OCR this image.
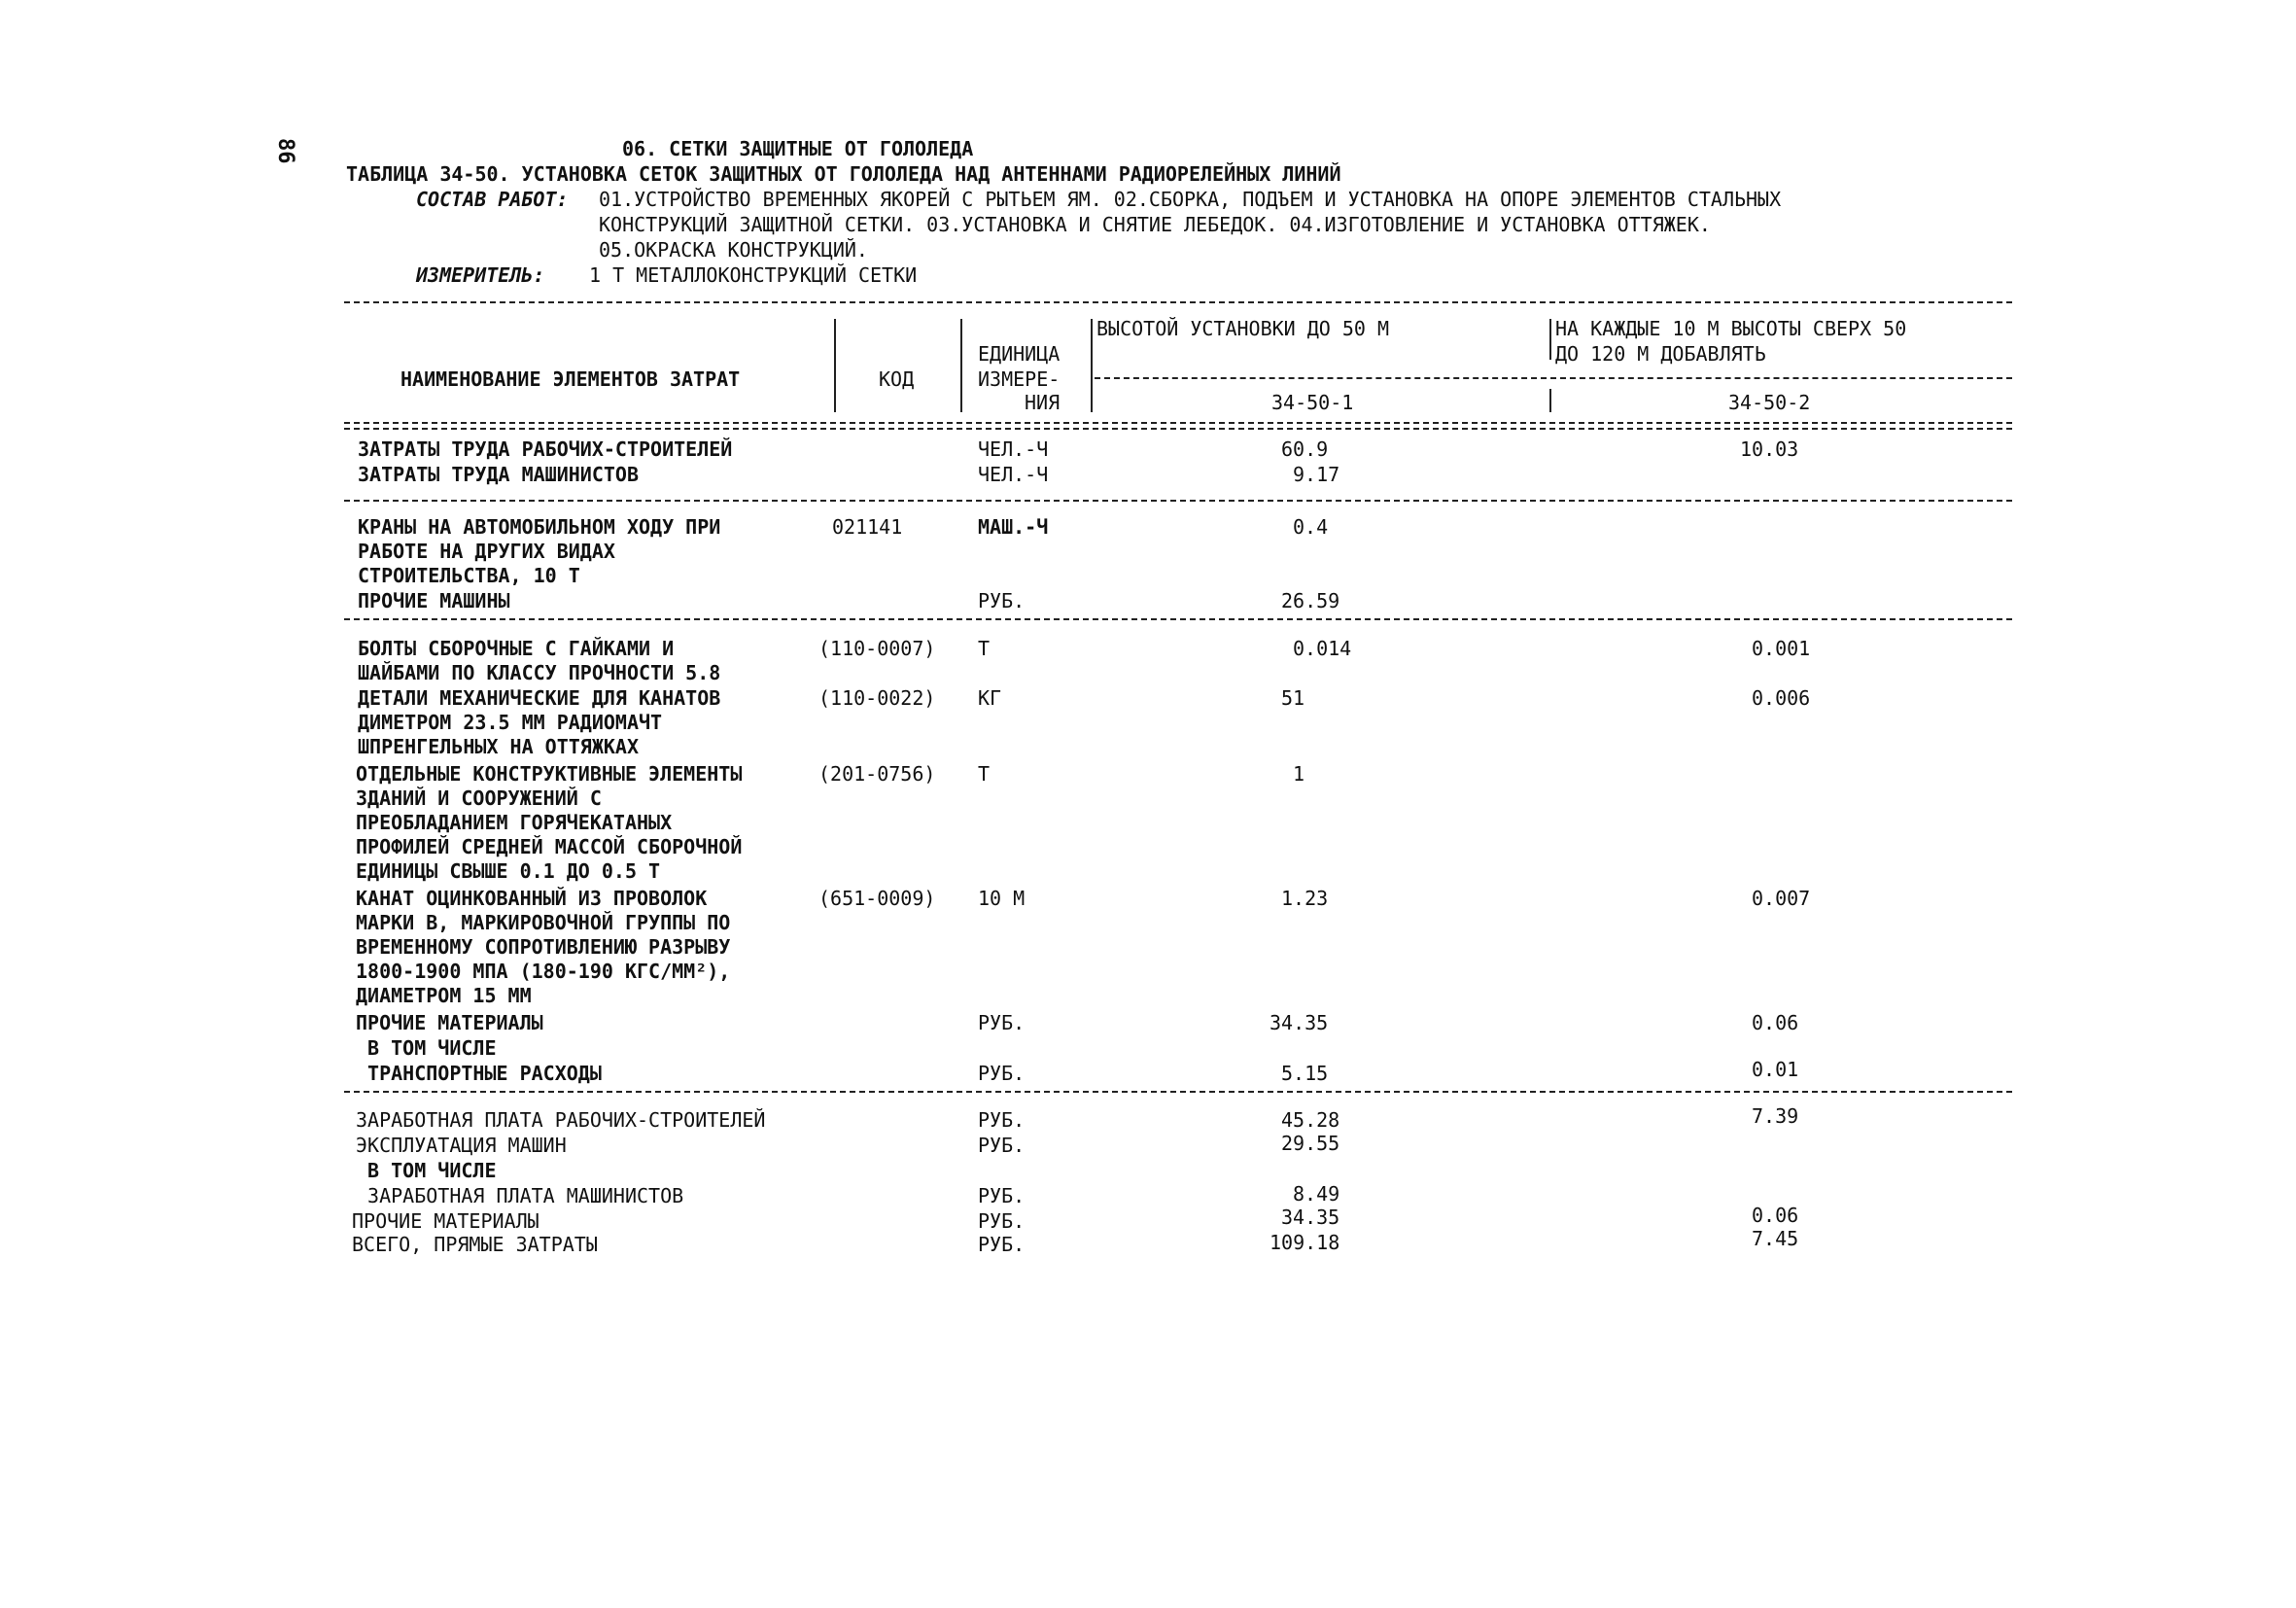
86	06. СЕТКИ ЗАЩИТНЫЕ ОТ ГОЛОЛЕДА
ТАБЛИЦА 34-50. УСТАНОВКА СЕТОК ЗАЩИТНЫХ ОТ ГОЛОЛЕДА НАД АНТЕННАМИ РАДИОРЕЛЕЙНЫХ ЛИНИЙ
СОСТАВ РАБОТ: 01.УСТРОЙСТВО ВРЕМЕННЫХ ЯКОРЕЙ С РЫТЬЕМ ЯМ. 02.СБОРКА, ПОДЪЕМ И УСТАНОВКА НА ОПОРЕ ЭЛЕМЕНТОВ СТАЛЬНЫХ
КОНСТРУКЦИЙ ЗАЩИТНОЙ СЕТКИ. 03.УСТАНОВКА И СНЯТИЕ ЛЕБЕДОК. 04.ИЗГОТОВЛЕНИЕ И УСТАНОВКА ОТТЯЖЕК.
05.ОКРАСКА КОНСТРУКЦИЙ.
ИЗМЕРИТЕЛЬ: 1 Т МЕТАЛЛОКОНСТРУКЦИЙ СЕТКИ
НАИМЕНОВАНИЕ ЭЛЕМЕНТОВ ЗАТРАТ	КОД
ЕДИНИЦА
ИЗМЕРЕ-
НИЯ
ВЫСОТОЙ УСТАНОВКИ ДО 50 М	НА КАЖДЫЕ 10 М ВЫСОТЫ СВЕРХ 50
ДО 120 М ДОБАВЛЯТЬ
34-50-1	34-50-2
ЗАТРАТЫ ТРУДА РАБОЧИХ-СТРОИТЕЛЕЙ	ЧЕЛ.-Ч	60.9	10.03
ЗАТРАТЫ ТРУДА МАШИНИСТОВ	ЧЕЛ.-Ч	9.17
КРАНЫ НА АВТОМОБИЛЬНОМ ХОДУ ПРИ
РАБОТЕ НА ДРУГИХ ВИДАХ
СТРОИТЕЛЬСТВА, 10 Т
021141	МАШ.-Ч	0.4
ПРОЧИЕ МАШИНЫ	РУБ.	26.59
БОЛТЫ СБОРОЧНЫЕ С ГАЙКАМИ И
ШАЙБАМИ ПО КЛАССУ ПРОЧНОСТИ 5.8
(110-0007) Т	0.014	0.001
ДЕТАЛИ МЕХАНИЧЕСКИЕ ДЛЯ КАНАТОВ
ДИМЕТРОМ 23.5 ММ РАДИОМАЧТ
ШПРЕНГЕЛЬНЫХ НА ОТТЯЖКАХ
(110-0022) КГ	51	0.006
ОТДЕЛЬНЫЕ КОНСТРУКТИВНЫЕ ЭЛЕМЕНТЫ
ЗДАНИЙ И СООРУЖЕНИЙ С
ПРЕОБЛАДАНИЕМ ГОРЯЧЕКАТАНЫХ
ПРОФИЛЕЙ СРЕДНЕЙ МАССОЙ СБОРОЧНОЙ
ЕДИНИЦЫ СВЫШЕ 0.1 ДО 0.5 Т
(201-0756) Т	1
КАНАТ ОЦИНКОВАННЫЙ ИЗ ПРОВОЛОК
МАРКИ В, МАРКИРОВОЧНОЙ ГРУППЫ ПО
ВРЕМЕННОМУ СОПРОТИВЛЕНИЮ РАЗРЫВУ
1800-1900 МПА (180-190 КГС/ММ²),
ДИАМЕТРОМ 15 ММ
(651-0009) 10 М	1.23	0.007
ПРОЧИЕ МАТЕРИАЛЫ	РУБ.	34.35	0.06
В ТОМ ЧИСЛЕ
ТРАНСПОРТНЫЕ РАСХОДЫ	РУБ.	5.15	0.01
ЗАРАБОТНАЯ ПЛАТА РАБОЧИХ-СТРОИТЕЛЕЙ	РУБ.	45.28	7.39
ЭКСПЛУАТАЦИЯ МАШИН	РУБ.	29.55
В ТОМ ЧИСЛЕ
ЗАРАБОТНАЯ ПЛАТА МАШИНИСТОВ	РУБ.	8.49
ПРОЧИЕ МАТЕРИАЛЫ	РУБ.	34.35	0.06
ВСЕГО, ПРЯМЫЕ ЗАТРАТЫ	РУБ.	109.18	7.45
